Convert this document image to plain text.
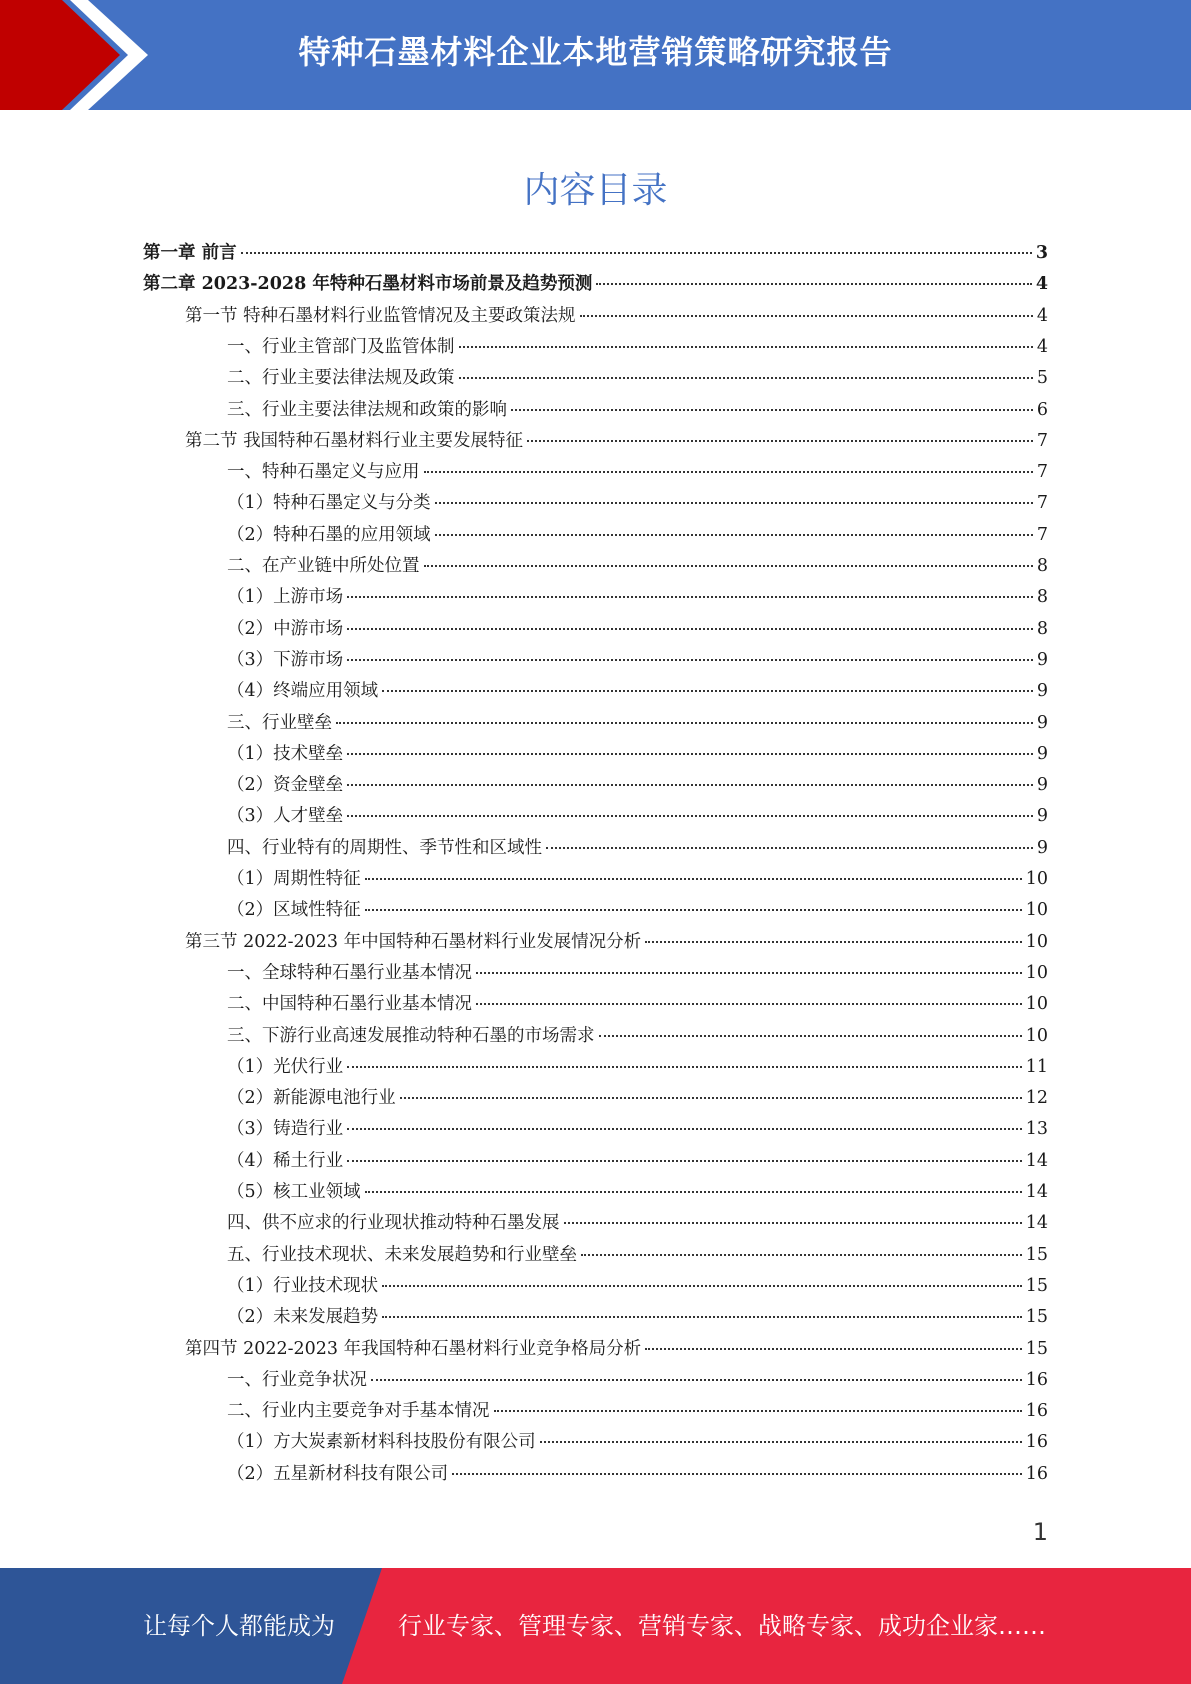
特种石墨材料企业本地营销策略研究报告
内容目录
第一章 前言	3
第二章 2023-2028 年特种石墨材料市场前景及趋势预测	4
第一节 特种石墨材料行业监管情况及主要政策法规	4
一、行业主管部门及监管体制	4
二、行业主要法律法规及政策	5
三、行业主要法律法规和政策的影响	6
第二节 我国特种石墨材料行业主要发展特征	7
一、特种石墨定义与应用	7
（1）特种石墨定义与分类	7
（2）特种石墨的应用领域	7
二、在产业链中所处位置	8
（1）上游市场	8
（2）中游市场	8
（3）下游市场	9
（4）终端应用领域	9
三、行业壁垒	9
（1）技术壁垒	9
（2）资金壁垒	9
（3）人才壁垒	9
四、行业特有的周期性、季节性和区域性	9
（1）周期性特征	10
（2）区域性特征	10
第三节 2022-2023 年中国特种石墨材料行业发展情况分析	10
一、全球特种石墨行业基本情况	10
二、中国特种石墨行业基本情况	10
三、下游行业高速发展推动特种石墨的市场需求	10
（1）光伏行业	11
（2）新能源电池行业	12
（3）铸造行业	13
（4）稀土行业	14
（5）核工业领域	14
四、供不应求的行业现状推动特种石墨发展	14
五、行业技术现状、未来发展趋势和行业壁垒	15
（1）行业技术现状	15
（2）未来发展趋势	15
第四节 2022-2023 年我国特种石墨材料行业竞争格局分析	15
一、行业竞争状况	16
二、行业内主要竞争对手基本情况	16
（1）方大炭素新材料科技股份有限公司	16
（2）五星新材科技有限公司	16
1
让每个人都能成为	行业专家、管理专家、营销专家、战略专家、成功企业家……
